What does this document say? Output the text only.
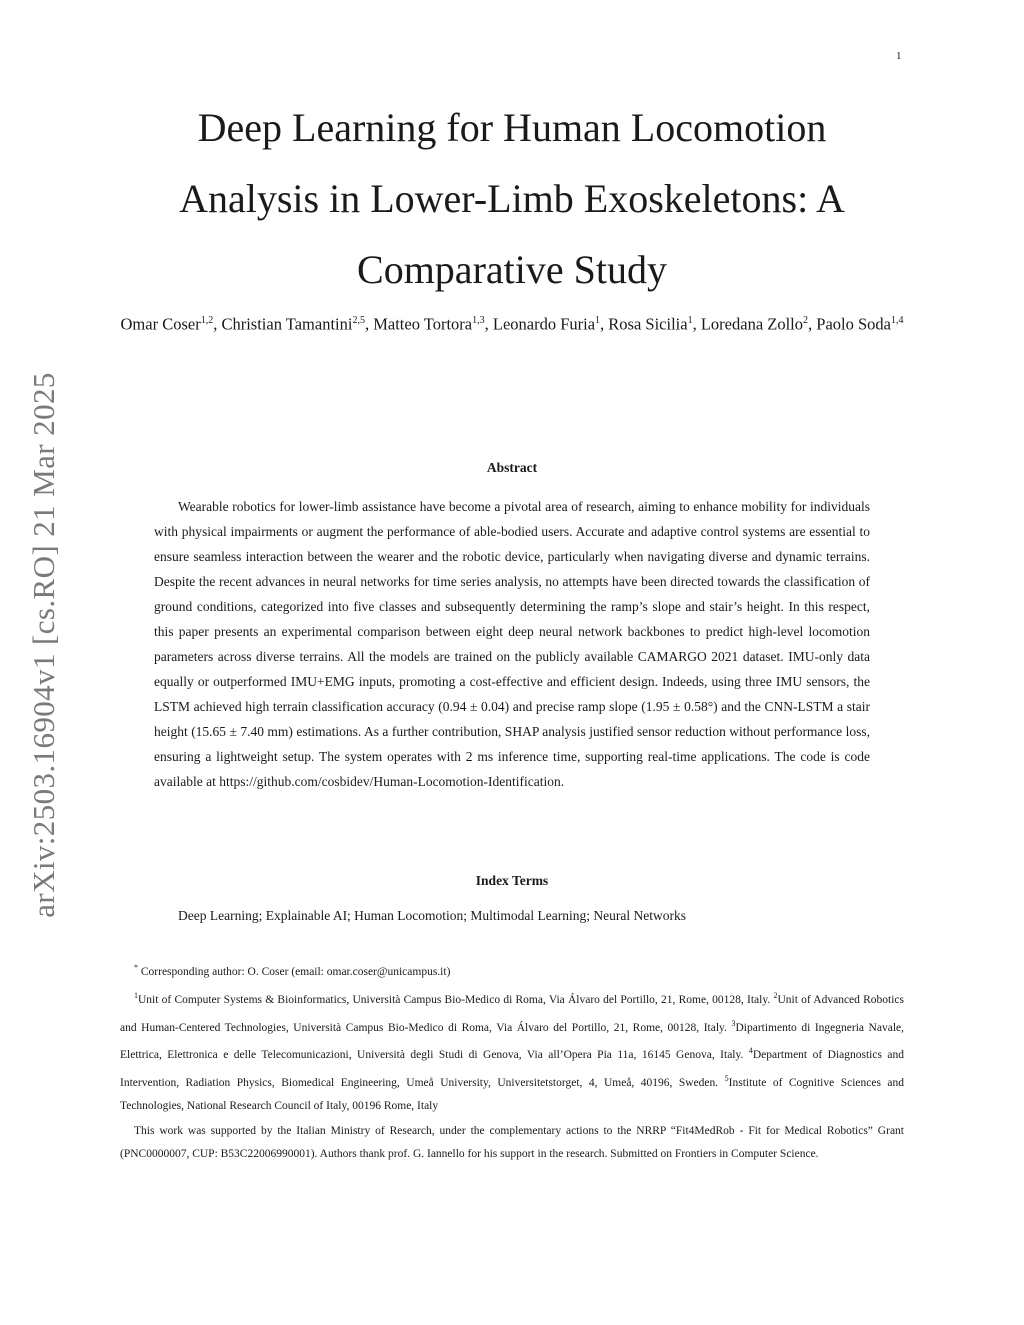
1
arXiv:2503.16904v1 [cs.RO] 21 Mar 2025
Deep Learning for Human Locomotion Analysis in Lower-Limb Exoskeletons: A Comparative Study
Omar Coser$^{1,2}$, Christian Tamantini$^{2,5}$, Matteo Tortora$^{1,3}$, Leonardo Furia$^1$, Rosa Sicilia$^1$, Loredana Zollo$^2$, Paolo Soda$^{1,4}$
Abstract

Wearable robotics for lower-limb assistance have become a pivotal area of research, aiming to enhance mobility for individuals with physical impairments or augment the performance of able-bodied users. Accurate and adaptive control systems are essential to ensure seamless interaction between the wearer and the robotic device, particularly when navigating diverse and dynamic terrains. Despite the recent advances in neural networks for time series analysis, no attempts have been directed towards the classification of ground conditions, categorized into five classes and subsequently determining the ramp’s slope and stair’s height. In this respect, this paper presents an experimental comparison between eight deep neural network backbones to predict high-level locomotion parameters across diverse terrains. All the models are trained on the publicly available CAMARGO 2021 dataset. IMU-only data equally or outperformed IMU+EMG inputs, promoting a cost-effective and efficient design. Indeeds, using three IMU sensors, the LSTM achieved high terrain classification accuracy (0.94 ± 0.04) and precise ramp slope (1.95 ± 0.58°) and the CNN-LSTM a stair height (15.65 ± 7.40 mm) estimations. As a further contribution, SHAP analysis justified sensor reduction without performance loss, ensuring a lightweight setup. The system operates with 2 ms inference time, supporting real-time applications. The code is code available at https://github.com/cosbidev/Human-Locomotion-Identification.

Index Terms
Deep Learning; Explainable AI; Human Locomotion; Multimodal Learning; Neural Networks

* Corresponding author: O. Coser (email: omar.coser@unicampus.it)

$^1$Unit of Computer Systems & Bioinformatics, Università Campus Bio-Medico di Roma, Via Álvaro del Portillo, 21, Rome, 00128, Italy. $^2$Unit of Advanced Robotics and Human-Centered Technologies, Università Campus Bio-Medico di Roma, Via Álvaro del Portillo, 21, Rome, 00128, Italy. $^3$Dipartimento di Ingegneria Navale, Elettrica, Elettronica e delle Telecomunicazioni, Università degli Studi di Genova, Via all’Opera Pia 11a, 16145 Genova, Italy. $^4$Department of Diagnostics and Intervention, Radiation Physics, Biomedical Engineering, Umeå University, Universitetstorget, 4, Umeå, 40196, Sweden. $^5$Institute of Cognitive Sciences and Technologies, National Research Council of Italy, 00196 Rome, Italy

This work was supported by the Italian Ministry of Research, under the complementary actions to the NRRP “Fit4MedRob - Fit for Medical Robotics” Grant (PNC0000007, CUP: B53C22006990001). Authors thank prof. G. Iannello for his support in the research. Submitted on Frontiers in Computer Science.
